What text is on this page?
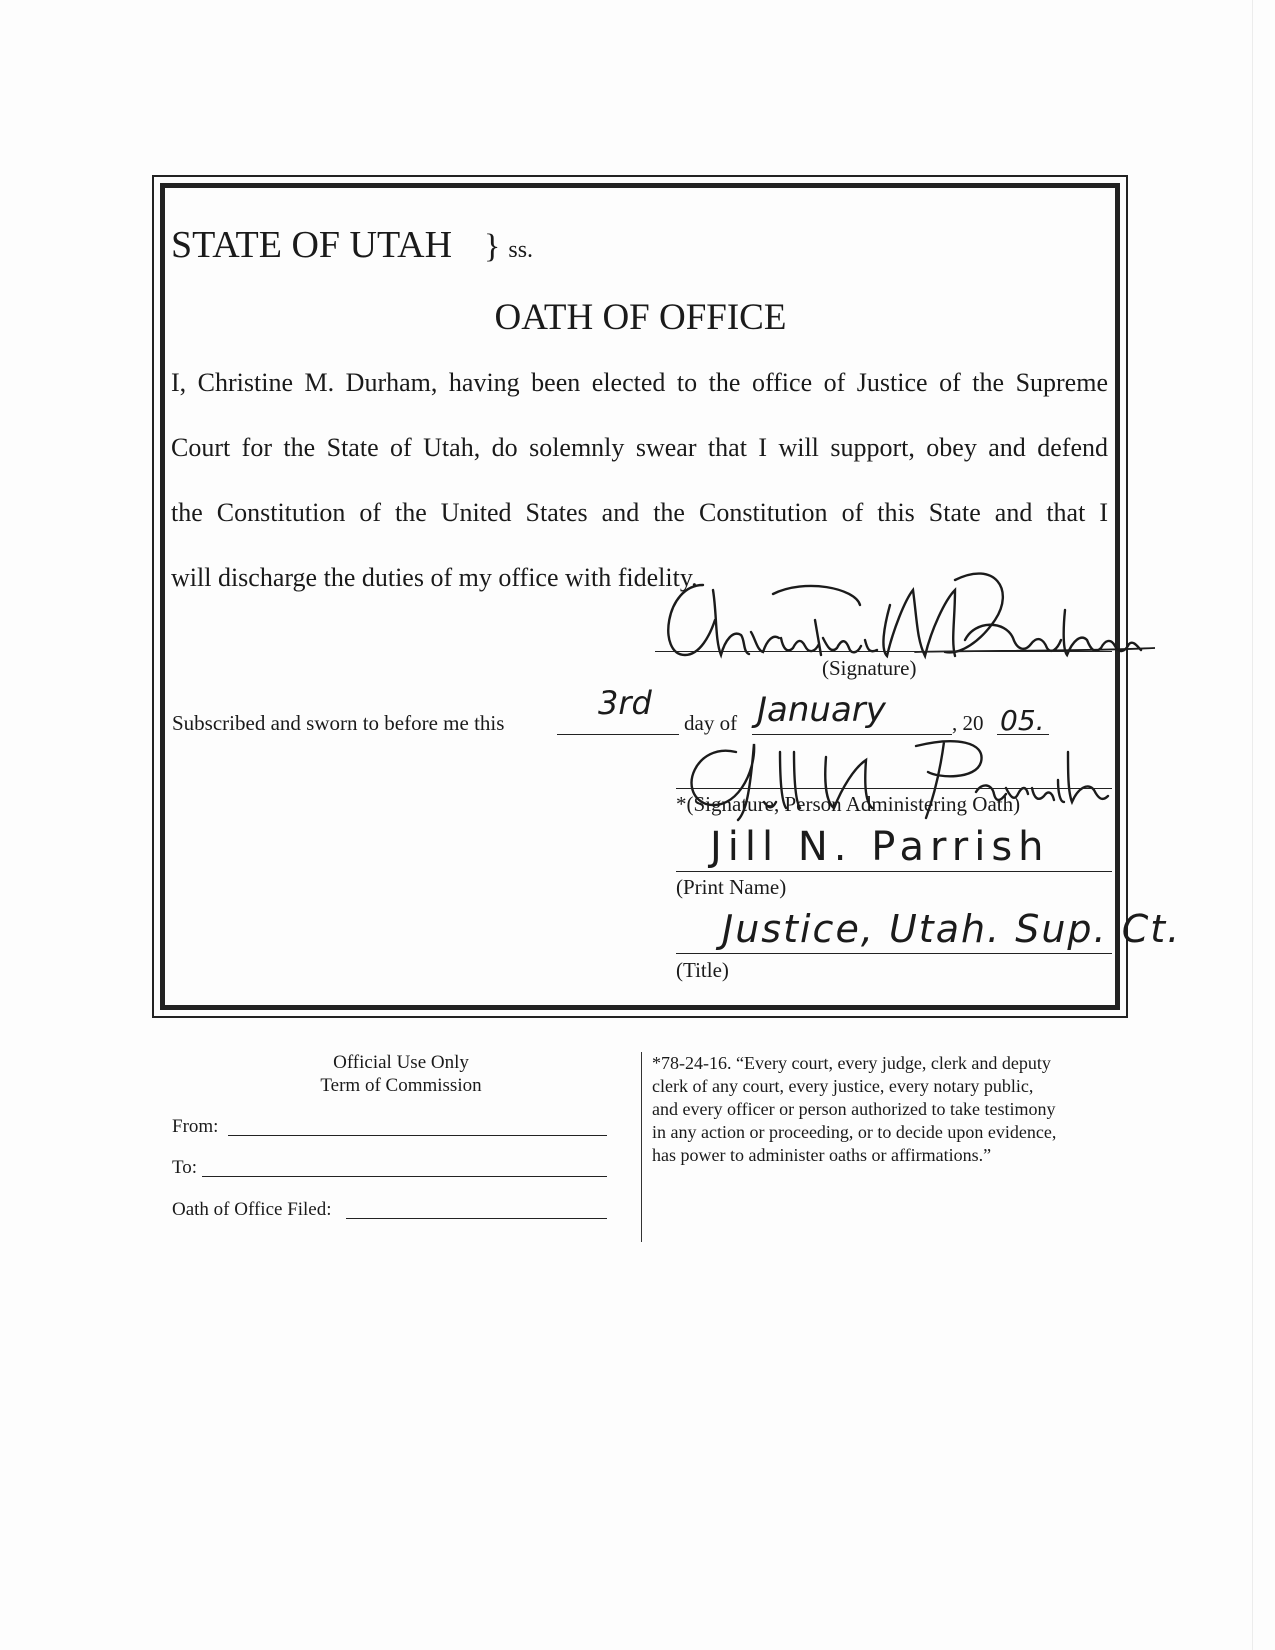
STATE OF UTAH } ss.
OATH OF OFFICE
I, Christine M. Durham, having been elected to the office of Justice of the Supreme
Court for the State of Utah, do solemnly swear that I will support, obey and defend
the Constitution of the United States and the Constitution of this State and that I
will discharge the duties of my office with fidelity.
(Signature)
Subscribed and sworn to before me this
3rd
day of January	, 20 05.
*(Signature, Person Administering Oath)
Jill N. Parrish
(Print Name)
Justice, Utah. Sup. Ct.
(Title)
Official Use Only
Term of Commission
From:
To:
Oath of Office Filed:
*78-24-16. “Every court, every judge, clerk and deputy
clerk of any court, every justice, every notary public,
and every officer or person authorized to take testimony
in any action or proceeding, or to decide upon evidence,
has power to administer oaths or affirmations.”
